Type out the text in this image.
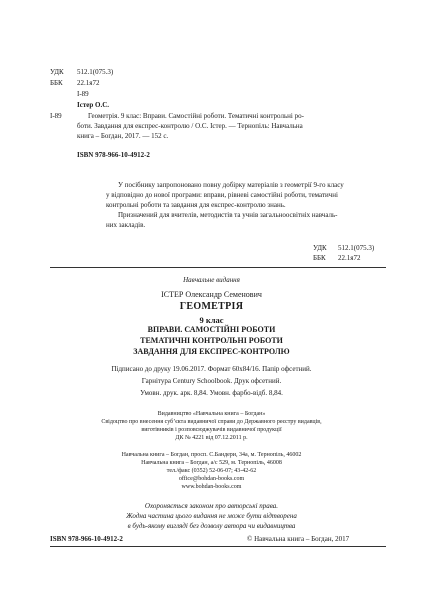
УДК 512.1(075.3)
ББК 22.1я72
І-89
Істер О.С.
І-89	Геометрія. 9 клас: Вправи. Самостійні роботи. Тематичні контрольні ро-
боти. Завдання для експрес-контролю / О.С. Істер. — Тернопіль: Навчальна
книга – Богдан, 2017. — 152 с.
ISBN 978-966-10-4912-2
У посібнику запропоновано повну добірку матеріалів з геометрії 9-го класу
у відповідно до нової програми: вправи, рівневі самостійні роботи, тематичні
контрольні роботи та завдання для експрес-контролю знань.
Призначений для вчителів, методистів та учнів загальноосвітніх навчаль-
них закладів.
УДК 512.1(075.3)
ББК 22.1я72
Навчальне видання
ІСТЕР Олександр Семенович
ГЕОМЕТРІЯ
9 клас
ВПРАВИ. САМОСТІЙНІ РОБОТИ
ТЕМАТИЧНІ КОНТРОЛЬНІ РОБОТИ
ЗАВДАННЯ ДЛЯ ЕКСПРЕС-КОНТРОЛЮ
Підписано до друку 19.06.2017. Формат 60х84/16. Папір офсетний.
Гарнітура Century Schoolbook. Друк офсетний.
Умовн. друк. арк. 8,84. Умовн. фарбо-відб. 8,84.
Видавництво «Навчальна книга – Богдан»
Свідоцтво про внесення суб’єкта видавничої справи до Державного реєстру видавців,
виготівників і розповсюджувачів видавничої продукції
ДК № 4221 від 07.12.2011 р.
Навчальна книга – Богдан, просп. С.Бандери, 34а, м. Тернопіль, 46002
Навчальна книга – Богдан, а/с 529, м. Тернопіль, 46008
тел./факс (0352) 52-06-07; 43-42-62
office@bohdan-books.com
www.bohdan-books.com
Охороняється законом про авторські права.
Жодна частина цього видання не може бути відтворена
в будь-якому вигляді без дозволу автора чи видавництва
ISBN 978-966-10-4912-2	© Навчальна книга – Богдан, 2017
